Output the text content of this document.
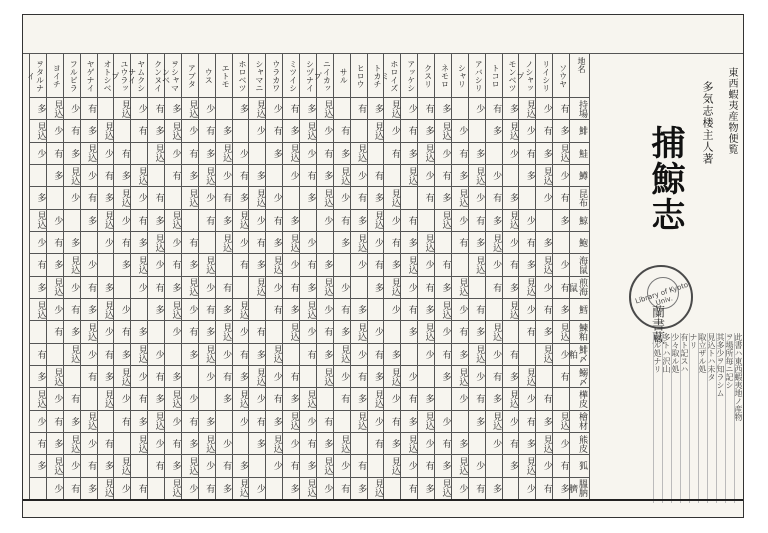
地名
持場
鯡
鮭
鱒
昆布
鯨
鮑
海鼠
煎海鼠
鱈
鰊粕
鯡〆粕
鰯〆
樺皮
檜材
熊皮
狐
膃肭臍
ソウヤ
有
多
見込
少
有
多
少
有
多
見込
少
有
見込
少
有
多
リイシリ
少
有
多
見込
少
多
見込
少
有
多
見込
有
多
見込
少
有
ノシャップ
見込
少
有
多
少
有
多
見込
少
有
見込
少
有
多
見込
少
モンベツ
多
見込
少
多
見込
少
有
多
見込
有
多
見込
少
有
多
トコロ
有
多
少
有
多
見込
少
有
見込
少
有
多
見込
少
多
アバシリ
少
多
見込
少
有
多
見込
有
多
見込
少
有
多
少
有
シャリ
少
有
多
見込
少
有
見込
少
有
多
見込
少
多
見込
少
ネモロ
多
見込
少
有
多
見込
有
多
見込
少
有
多
少
有
多
見込
クスリ
有
多
見込
少
有
見込
少
有
多
見込
少
多
見込
少
有
多
アッケシ
少
有
多
見込
有
多
見込
少
有
多
少
有
多
見込
少
有
ホロイズミ
見込
少
有
見込
少
有
多
見込
少
多
見込
少
有
多
見込
トカチ
多
見込
有
多
見込
少
有
多
少
有
多
見込
少
有
見込
ヒロウ
有
見込
少
有
多
見込
少
多
見込
少
有
多
見込
有
多
サル
有
多
見込
少
有
多
少
有
多
見込
少
有
見込
少
有
ニイカップ
見込
少
有
多
見込
少
多
見込
少
有
多
見込
有
多
見込
少
シヅナイ
多
見込
少
有
多
少
有
多
見込
少
有
見込
少
有
多
見込
ミツイシ
有
多
見込
少
多
見込
少
有
多
見込
有
多
見込
少
有
多
ウラカワ
少
有
多
少
有
多
見込
少
有
見込
少
有
多
見込
少
シャマニ
見込
少
多
見込
少
有
多
見込
有
多
見込
少
有
多
少
ホロベツ
多
少
有
多
見込
少
有
見込
少
有
多
見込
少
多
見込
エトモ
多
見込
少
有
多
見込
有
多
見込
少
有
多
少
有
多
ウス
少
有
多
見込
少
有
見込
少
有
多
見込
少
多
見込
少
有
アブタ
見込
少
有
多
見込
有
多
見込
少
有
多
少
有
多
見込
少
ヲシャマンベ
多
見込
少
有
見込
少
有
多
見込
少
多
見込
少
有
多
見込
クンヌイ
有
多
見込
有
多
見込
少
有
多
少
有
多
見込
少
有
ヤムクシナイ
少
有
見込
少
有
多
見込
少
多
見込
少
有
多
見込
有
ユウラップ
見込
有
多
見込
少
有
多
少
有
多
見込
少
有
見込
少
オトシベ
見込
少
有
多
見込
少
多
見込
少
有
多
見込
有
多
見込
ヤゲナイ
有
多
見込
少
有
多
少
有
多
見込
少
有
見込
少
有
多
フルビラ
少
有
多
見込
少
多
見込
少
有
多
見込
有
多
見込
少
有
ヨイチ
見込
少
有
多
少
有
多
見込
少
有
見込
少
有
多
見込
少
ヲタルナイ
多
見込
少
多
見込
少
有
多
見込
有
多
見込
少
有
多
東西蝦夷産物便覧
多気志楼主人著
捕鯨志
Library of Kyoto Univ.
蘭書蔵
此書ハ東西蝦夷地ノ産物
ヲ場所毎ニ記シ
其多少ヲ知ラシム
見込トハ未タ
取立ザル処
ナリ
有ト記スハ
少々取ル処
多トハ沢山
取ル処ナリ
